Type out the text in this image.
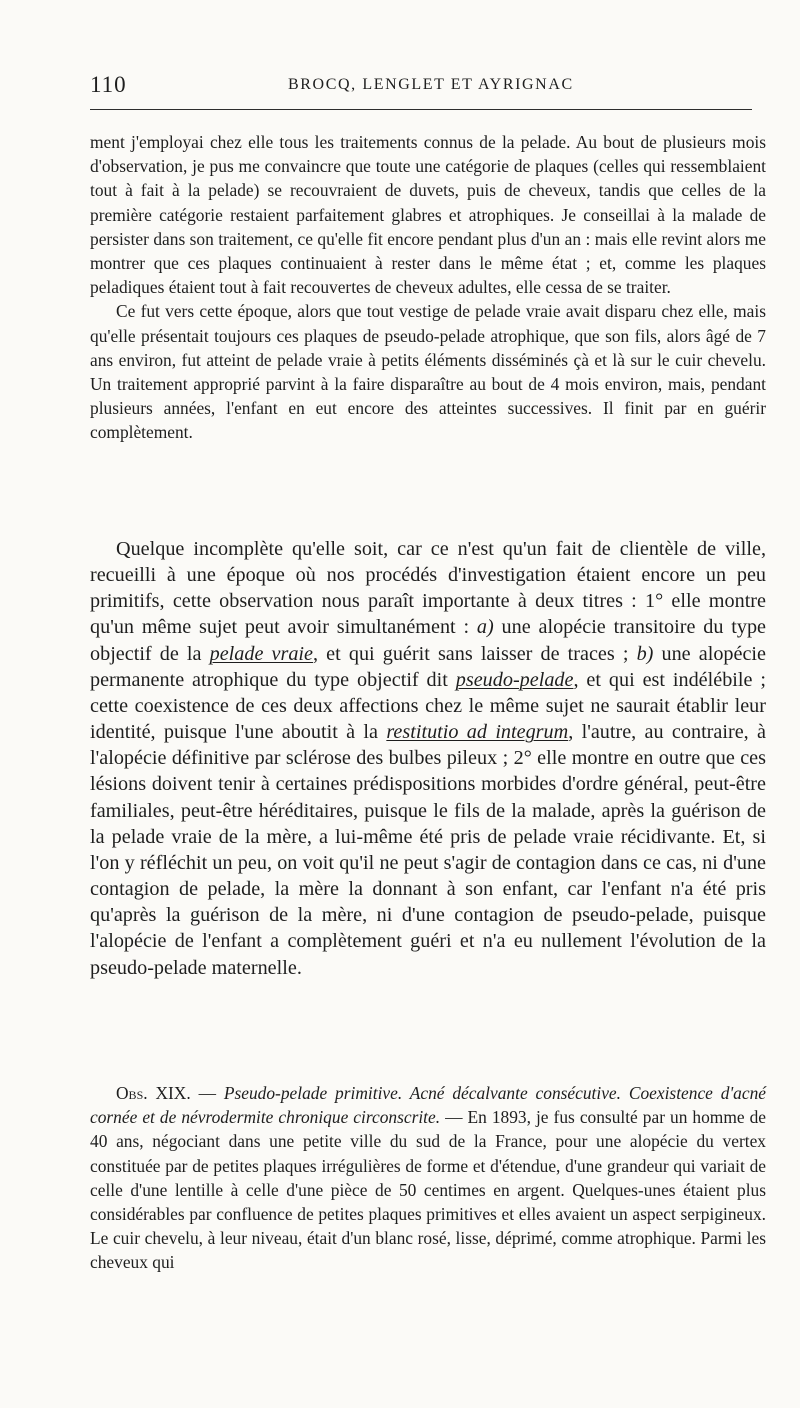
110	BROCQ, LENGLET ET AYRIGNAC

ment j'employai chez elle tous les traitements connus de la pelade. Au bout de plusieurs mois d'observation, je pus me convaincre que toute une catégorie de plaques (celles qui ressemblaient tout à fait à la pelade) se recouvraient de duvets, puis de cheveux, tandis que celles de la première catégorie restaient parfaitement glabres et atrophiques. Je conseillai à la malade de persister dans son traitement, ce qu'elle fit encore pendant plus d'un an : mais elle revint alors me montrer que ces plaques continuaient à rester dans le même état ; et, comme les plaques peladiques étaient tout à fait recouvertes de cheveux adultes, elle cessa de se traiter.

Ce fut vers cette époque, alors que tout vestige de pelade vraie avait disparu chez elle, mais qu'elle présentait toujours ces plaques de pseudo-pelade atrophique, que son fils, alors âgé de 7 ans environ, fut atteint de pelade vraie à petits éléments disséminés çà et là sur le cuir chevelu. Un traitement approprié parvint à la faire disparaître au bout de 4 mois environ, mais, pendant plusieurs années, l'enfant en eut encore des atteintes successives. Il finit par en guérir complètement.

Quelque incomplète qu'elle soit, car ce n'est qu'un fait de clientèle de ville, recueilli à une époque où nos procédés d'investigation étaient encore un peu primitifs, cette observation nous paraît importante à deux titres : 1° elle montre qu'un même sujet peut avoir simultanément : a) une alopécie transitoire du type objectif de la pelade vraie, et qui guérit sans laisser de traces ; b) une alopécie permanente atrophique du type objectif dit pseudo-pelade, et qui est indélébile ; cette coexistence de ces deux affections chez le même sujet ne saurait établir leur identité, puisque l'une aboutit à la restitutio ad integrum, l'autre, au contraire, à l'alopécie définitive par sclérose des bulbes pileux ; 2° elle montre en outre que ces lésions doivent tenir à certaines prédispositions morbides d'ordre général, peut-être familiales, peut-être héréditaires, puisque le fils de la malade, après la guérison de la pelade vraie de la mère, a lui-même été pris de pelade vraie récidivante. Et, si l'on y réfléchit un peu, on voit qu'il ne peut s'agir de contagion dans ce cas, ni d'une contagion de pelade, la mère la donnant à son enfant, car l'enfant n'a été pris qu'après la guérison de la mère, ni d'une contagion de pseudo-pelade, puisque l'alopécie de l'enfant a complètement guéri et n'a eu nullement l'évolution de la pseudo-pelade maternelle.

Obs. XIX. — Pseudo-pelade primitive. Acné décalvante consécutive. Coexistence d'acné cornée et de névrodermite chronique circonscrite. — En 1893, je fus consulté par un homme de 40 ans, négociant dans une petite ville du sud de la France, pour une alopécie du vertex constituée par de petites plaques irrégulières de forme et d'étendue, d'une grandeur qui variait de celle d'une lentille à celle d'une pièce de 50 centimes en argent. Quelques-unes étaient plus considérables par confluence de petites plaques primitives et elles avaient un aspect serpigineux. Le cuir chevelu, à leur niveau, était d'un blanc rosé, lisse, déprimé, comme atrophique. Parmi les cheveux qui
